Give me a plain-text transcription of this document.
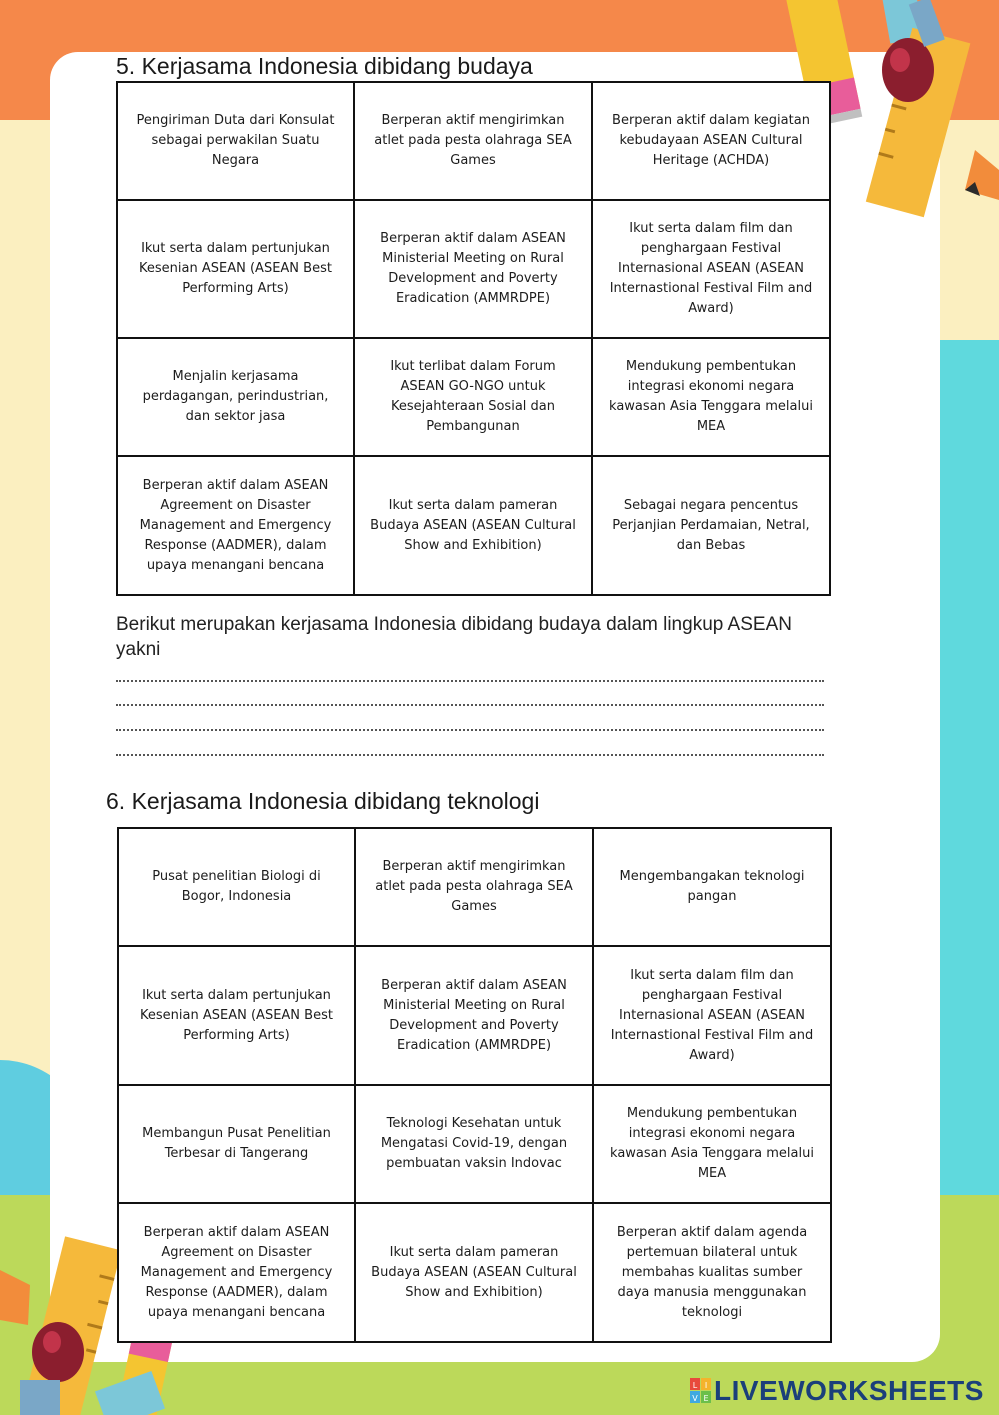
5. Kerjasama Indonesia dibidang budaya
Pengiriman Duta dari Konsulat sebagai perwakilan Suatu Negara	Berperan aktif mengirimkan atlet pada pesta olahraga SEA Games	Berperan aktif dalam kegiatan kebudayaan ASEAN Cultural Heritage (ACHDA)
Ikut serta dalam pertunjukan Kesenian ASEAN (ASEAN Best Performing Arts)	Berperan aktif dalam ASEAN Ministerial Meeting on Rural Development and Poverty Eradication (AMMRDPE)	Ikut serta dalam film dan penghargaan Festival Internasional ASEAN (ASEAN Internastional Festival Film and Award)
Menjalin kerjasama perdagangan, perindustrian, dan sektor jasa	Ikut terlibat dalam Forum ASEAN GO-NGO untuk Kesejahteraan Sosial dan Pembangunan	Mendukung pembentukan integrasi ekonomi negara kawasan Asia Tenggara melalui MEA
Berperan aktif dalam ASEAN Agreement on Disaster Management and Emergency Response (AADMER), dalam upaya menangani bencana	Ikut serta dalam pameran Budaya ASEAN (ASEAN Cultural Show and Exhibition)	Sebagai negara pencentus Perjanjian Perdamaian, Netral, dan Bebas

Berikut merupakan kerjasama Indonesia dibidang budaya dalam lingkup ASEAN yakni

6. Kerjasama Indonesia dibidang teknologi
Pusat penelitian Biologi di Bogor, Indonesia	Berperan aktif mengirimkan atlet pada pesta olahraga SEA Games	Mengembangakan teknologi pangan
Ikut serta dalam pertunjukan Kesenian ASEAN (ASEAN Best Performing Arts)	Berperan aktif dalam ASEAN Ministerial Meeting on Rural Development and Poverty Eradication (AMMRDPE)	Ikut serta dalam film dan penghargaan Festival Internasional ASEAN (ASEAN Internastional Festival Film and Award)
Membangun Pusat Penelitian Terbesar di Tangerang	Teknologi Kesehatan untuk Mengatasi Covid-19, dengan pembuatan vaksin Indovac	Mendukung pembentukan integrasi ekonomi negara kawasan Asia Tenggara melalui MEA
Berperan aktif dalam ASEAN Agreement on Disaster Management and Emergency Response (AADMER), dalam upaya menangani bencana	Ikut serta dalam pameran Budaya ASEAN (ASEAN Cultural Show and Exhibition)	Berperan aktif dalam agenda pertemuan bilateral untuk membahas kualitas sumber daya manusia menggunakan teknologi
L I
V E LIVEWORKSHEETS
